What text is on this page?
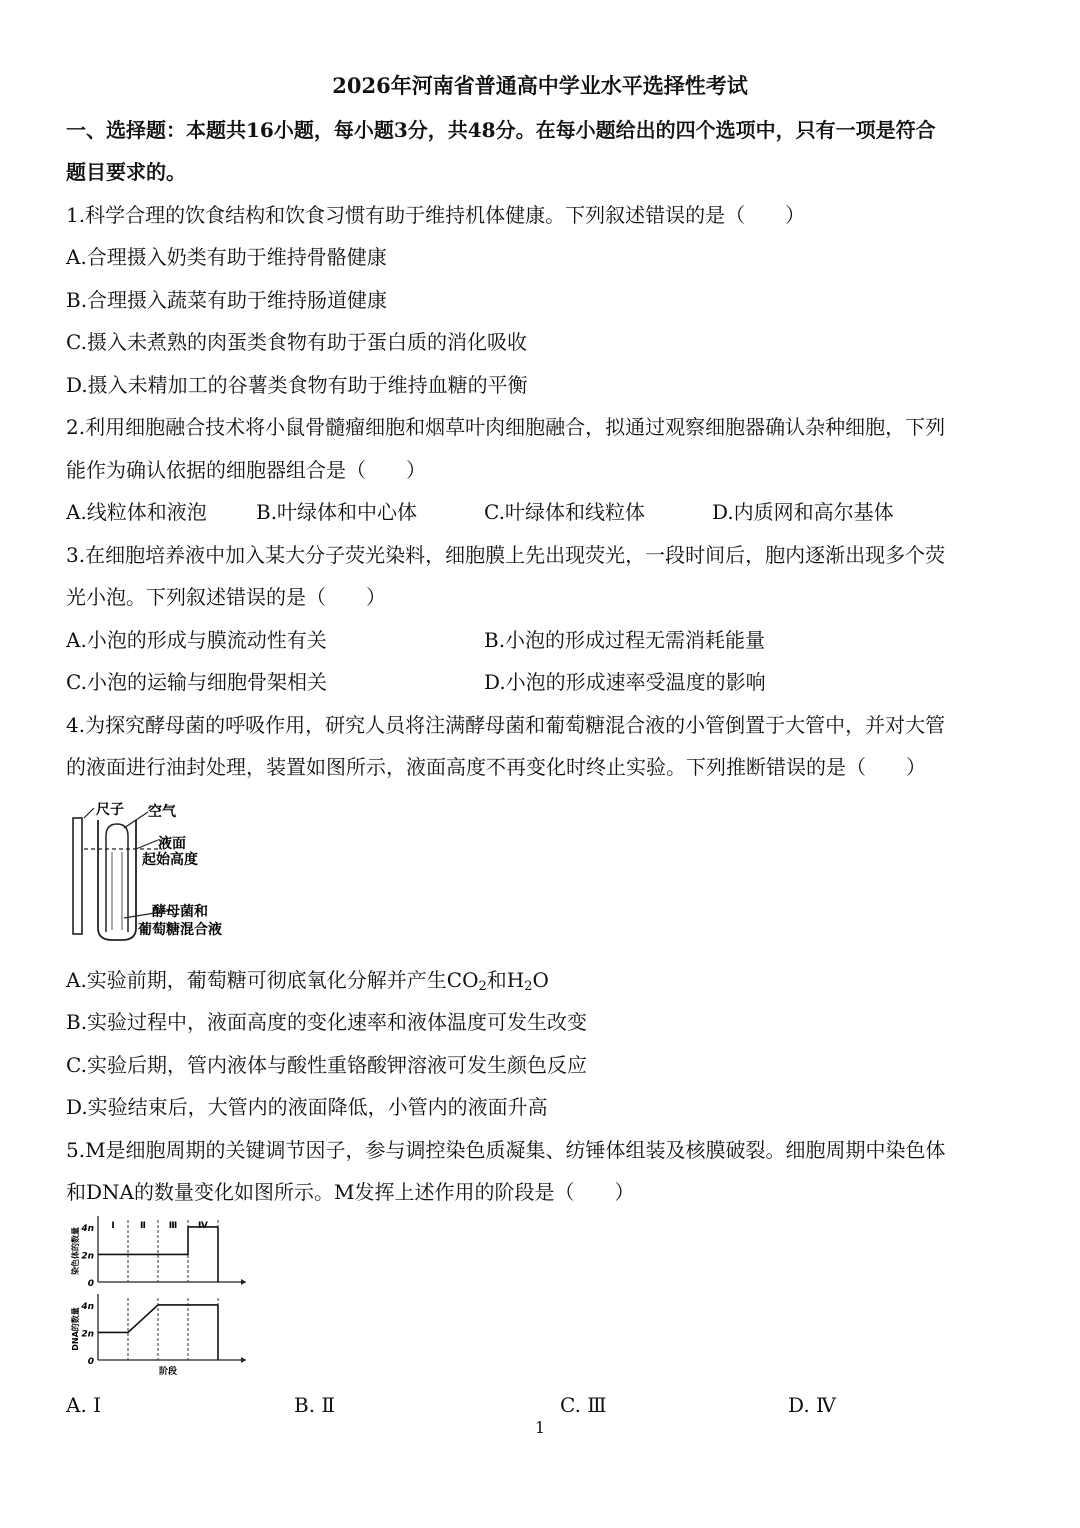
2026年河南省普通高中学业水平选择性考试
一、选择题：本题共16小题，每小题3分，共48分。在每小题给出的四个选项中，只有一项是符合
题目要求的。
1.科学合理的饮食结构和饮食习惯有助于维持机体健康。下列叙述错误的是（　　）
A.合理摄入奶类有助于维持骨骼健康
B.合理摄入蔬菜有助于维持肠道健康
C.摄入未煮熟的肉蛋类食物有助于蛋白质的消化吸收
D.摄入未精加工的谷薯类食物有助于维持血糖的平衡
2.利用细胞融合技术将小鼠骨髓瘤细胞和烟草叶肉细胞融合，拟通过观察细胞器确认杂种细胞，下列
能作为确认依据的细胞器组合是（　　）
A.线粒体和液泡 B.叶绿体和中心体	C.叶绿体和线粒体	D.内质网和高尔基体
3.在细胞培养液中加入某大分子荧光染料，细胞膜上先出现荧光，一段时间后，胞内逐渐出现多个荧
光小泡。下列叙述错误的是（　　）
A.小泡的形成与膜流动性有关	B.小泡的形成过程无需消耗能量
C.小泡的运输与细胞骨架相关	D.小泡的形成速率受温度的影响
4.为探究酵母菌的呼吸作用，研究人员将注满酵母菌和葡萄糖混合液的小管倒置于大管中，并对大管
的液面进行油封处理，装置如图所示，液面高度不再变化时终止实验。下列推断错误的是（　　）
尺子 空气
液面
起始高度
酵母菌和
葡萄糖混合液
A.实验前期，葡萄糖可彻底氧化分解并产生$CO_2$和$H_2O$
B.实验过程中，液面高度的变化速率和液体温度可发生改变
C.实验后期，管内液体与酸性重铬酸钾溶液可发生颜色反应
D.实验结束后，大管内的液面降低，小管内的液面升高
5.M是细胞周期的关键调节因子，参与调控染色质凝集、纺锤体组装及核膜破裂。细胞周期中染色体
和DNA的数量变化如图所示。M发挥上述作用的阶段是（　　）
0
2n
4n
染色体的数量
Ⅰ	Ⅱ	Ⅲ Ⅳ
0
2n
4n
DNA的数量
阶段
A. Ⅰ	B. Ⅱ	C. Ⅲ	D. Ⅳ
1
